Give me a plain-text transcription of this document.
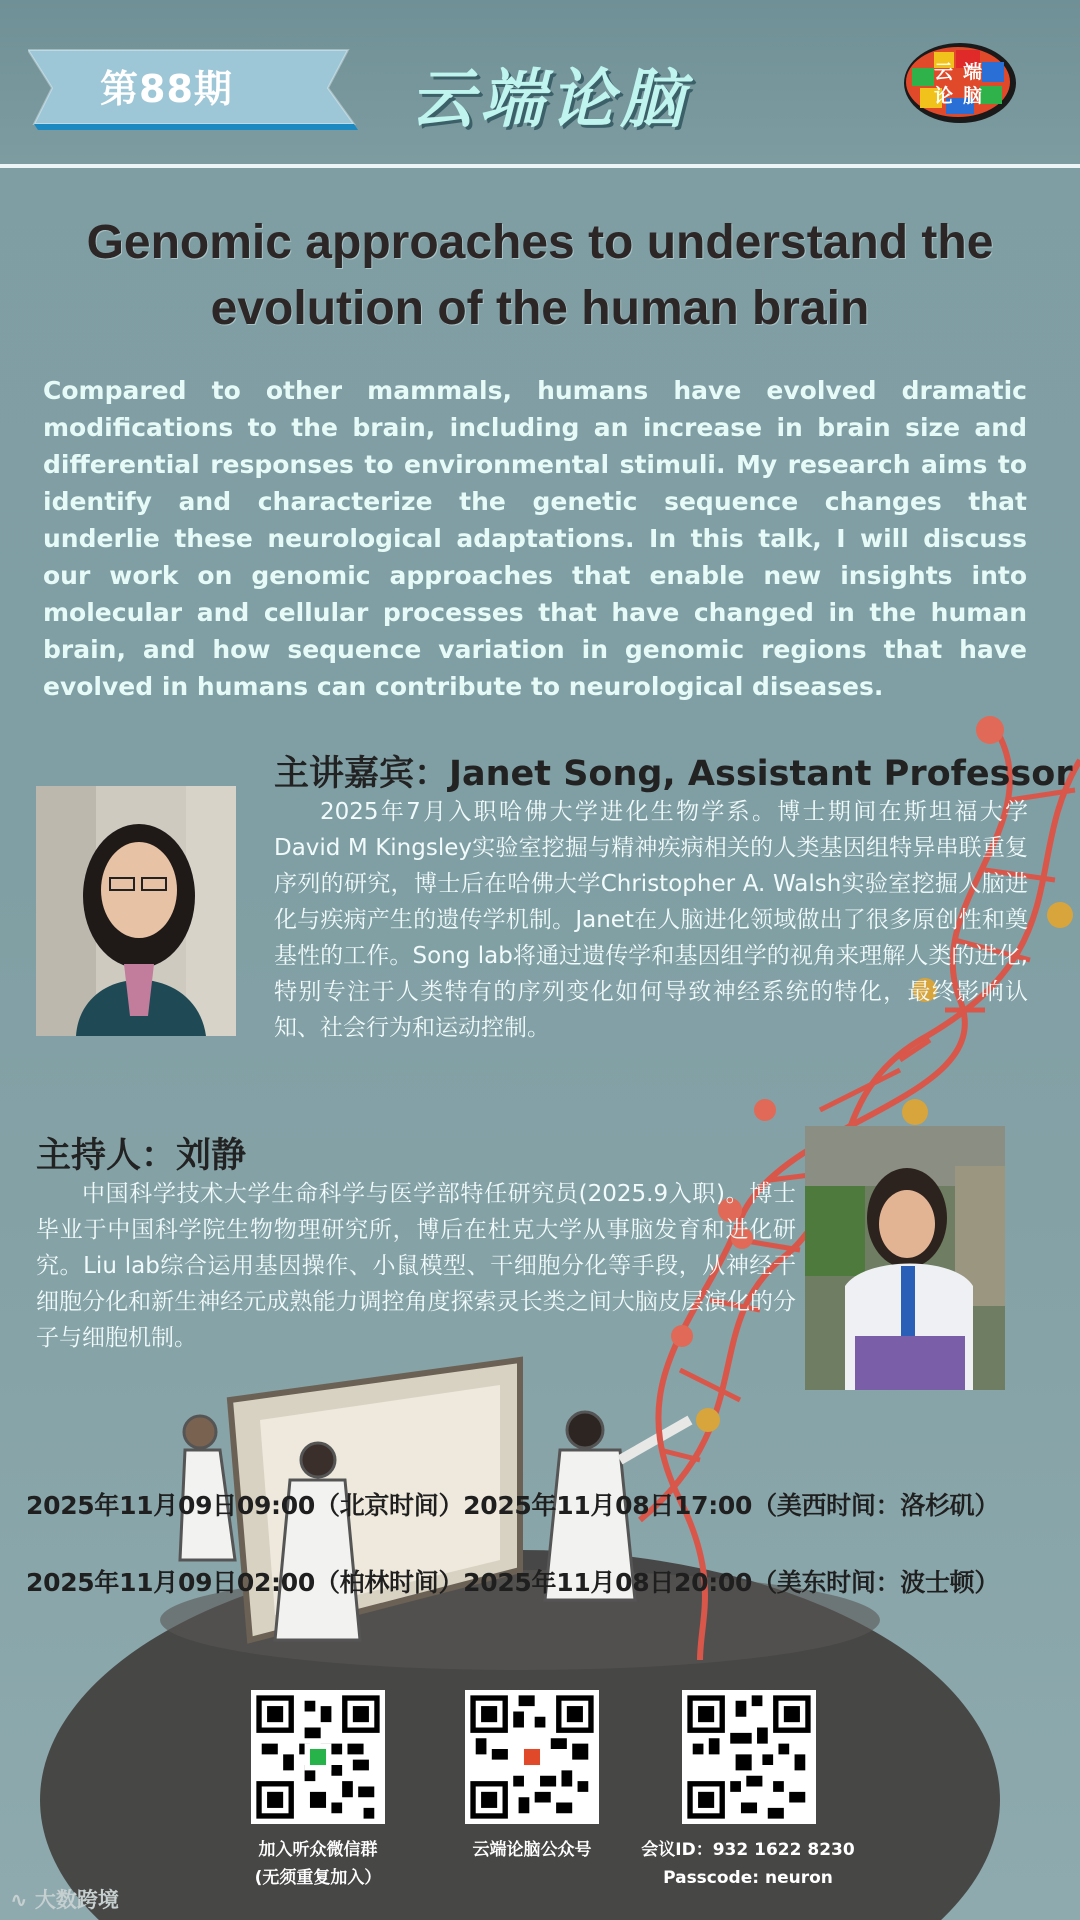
第88期	云端论脑	云端论脑
Genomic approaches to understand the evolution of the human brain
Compared to other mammals, humans have evolved dramatic modifications to the brain, including an increase in brain size and differential responses to environmental stimuli. My research aims to identify and characterize the genetic sequence changes that underlie these neurological adaptations. In this talk, I will discuss our work on genomic approaches that enable new insights into molecular and cellular processes that have changed in the human brain, and how sequence variation in genomic regions that have evolved in humans can contribute to neurological diseases.
主讲嘉宾：Janet Song, Assistant Professor
2025年7月入职哈佛大学进化生物学系。博士期间在斯坦福大学David M Kingsley实验室挖掘与精神疾病相关的人类基因组特异串联重复序列的研究，博士后在哈佛大学Christopher A. Walsh实验室挖掘人脑进化与疾病产生的遗传学机制。Janet在人脑进化领域做出了很多原创性和奠基性的工作。Song lab将通过遗传学和基因组学的视角来理解人类的进化, 特别专注于人类特有的序列变化如何导致神经系统的特化，最终影响认知、社会行为和运动控制。
主持人：刘静
中国科学技术大学生命科学与医学部特任研究员(2025.9入职)。博士毕业于中国科学院生物物理研究所，博后在杜克大学从事脑发育和进化研究。Liu lab综合运用基因操作、小鼠模型、干细胞分化等手段，从神经干细胞分化和新生神经元成熟能力调控角度探索灵长类之间大脑皮层演化的分子与细胞机制。
2025年11月09日09:00（北京时间）2025年11月08日17:00（美西时间：洛杉矶）
2025年11月09日02:00（柏林时间）2025年11月08日20:00（美东时间：波士顿）
加入听众微信群
(无须重复加入）
云端论脑公众号	会议ID：932 1622 8230
Passcode: neuron
∿ 大数跨境
